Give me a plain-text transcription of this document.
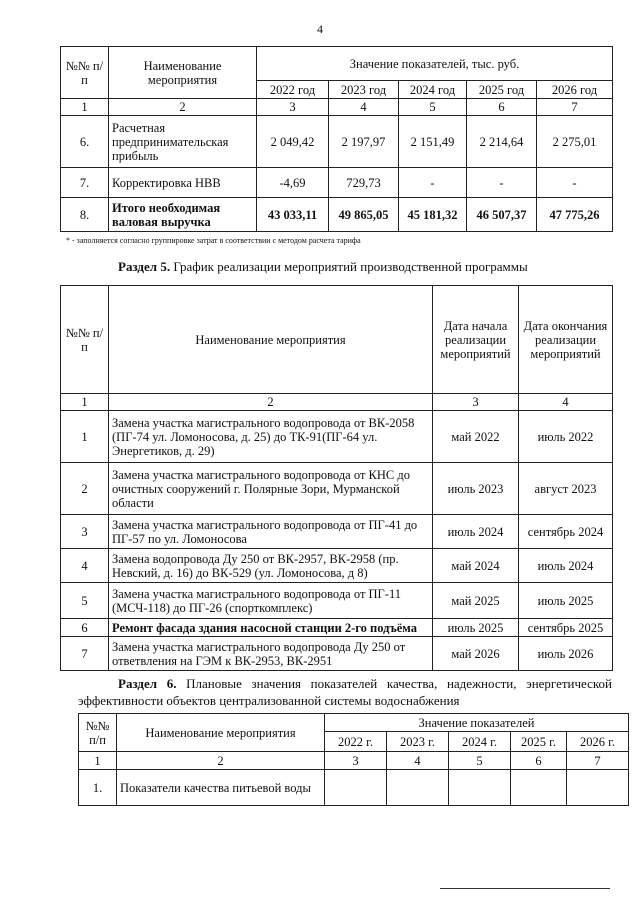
4
№№ п/п	Наименование мероприятия	Значение показателей, тыс. руб.				
		2022 год	2023 год	2024 год	2025 год	2026 год
1	2	3	4	5	6	7
6.	Расчетная предпринимательская прибыль	2 049,42	2 197,97	2 151,49	2 214,64	2 275,01
7.	Корректировка НВВ	-4,69	729,73	-	-	-
8.	Итого необходимая валовая выручка	43 033,11	49 865,05	45 181,32	46 507,37	47 775,26
* - заполняется согласно группировке затрат в соответствии с методом расчета тарифа
Раздел 5. График реализации мероприятий производственной программы
№№ п/п	Наименование мероприятия	Дата начала реализации мероприятий	Дата окончания реализации мероприятий
1	2	3	4
1	Замена участка магистрального водопровода от ВК-2058 (ПГ-74 ул. Ломоносова, д. 25) до ТК-91(ПГ-64 ул. Энергетиков, д. 29)	май 2022	июль 2022
2	Замена участка магистрального водопровода от КНС до очистных сооружений г. Полярные Зори, Мурманской области	июль 2023	август 2023
3	Замена участка магистрального водопровода от ПГ-41 до ПГ-57 по ул. Ломоносова	июль 2024	сентябрь 2024
4	Замена водопровода Ду 250 от ВК-2957, ВК-2958 (пр. Невский, д. 16) до ВК-529 (ул. Ломоносова, д 8)	май 2024	июль 2024
5	Замена участка магистрального водопровода от ПГ-11 (МСЧ-118) до ПГ-26 (спорткомплекс)	май 2025	июль 2025
6	Ремонт фасада здания насосной станции 2-го подъёма	июль 2025	сентябрь 2025
7	Замена участка магистрального водопровода Ду 250 от ответвления на ГЭМ к ВК-2953, ВК-2951	май 2026	июль 2026
Раздел 6. Плановые значения показателей качества, надежности, энергетической эффективности объектов централизованной системы водоснабжения
№№ п/п	Наименование мероприятия	Значение показателей				
		2022 г.	2023 г.	2024 г.	2025 г.	2026 г.
1	2	3	4	5	6	7
1.	Показатели качества питьевой воды					
